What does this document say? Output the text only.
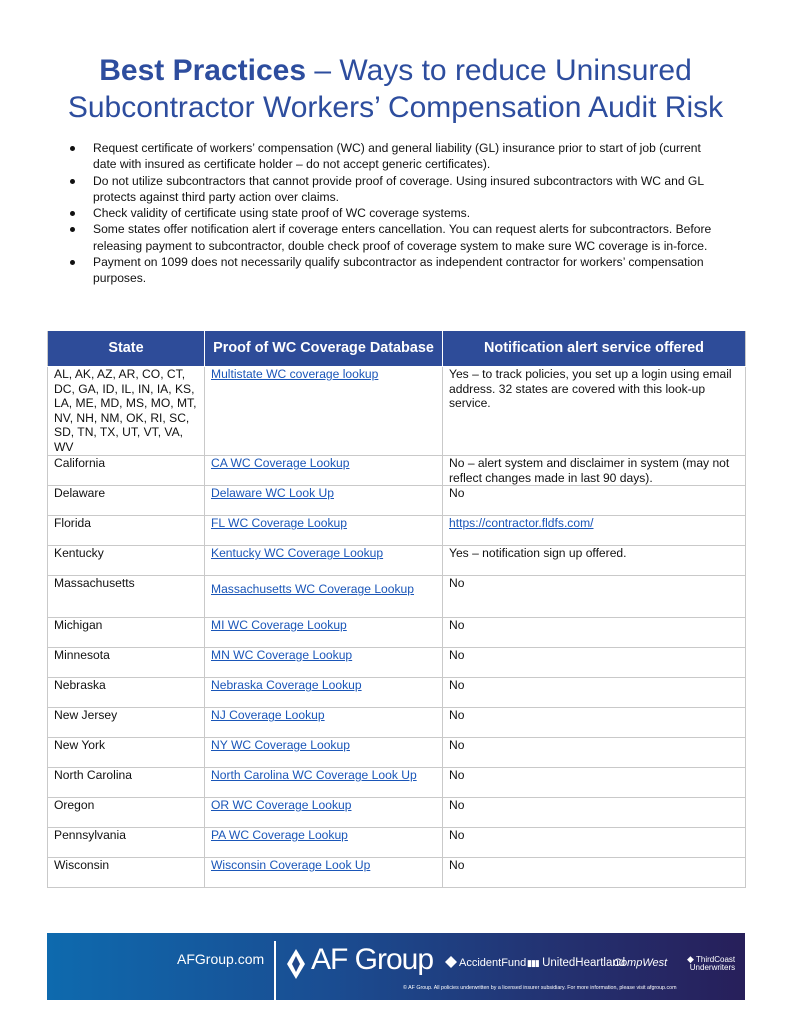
Best Practices – Ways to reduce Uninsured
Subcontractor Workers’ Compensation Audit Risk
Request certificate of workers’ compensation (WC) and general liability (GL) insurance prior to start of job (current date with insured as certificate holder – do not accept generic certificates).
Do not utilize subcontractors that cannot provide proof of coverage. Using insured subcontractors with WC and GL protects against third party action over claims.
Check validity of certificate using state proof of WC coverage systems.
Some states offer notification alert if coverage enters cancellation. You can request alerts for subcontractors. Before releasing payment to subcontractor, double check proof of coverage system to make sure WC coverage is in-force.
Payment on 1099 does not necessarily qualify subcontractor as independent contractor for workers’ compensation purposes.
State	Proof of WC Coverage Database	Notification alert service offered
AL, AK, AZ, AR, CO, CT, DC, GA, ID, IL, IN, IA, KS, LA, ME, MD, MS, MO, MT, NV, NH, NM, OK, RI, SC, SD, TN, TX, UT, VT, VA, WV	Multistate WC coverage lookup	Yes – to track policies, you set up a login using email address. 32 states are covered with this look-up service.
California	CA WC Coverage Lookup	No – alert system and disclaimer in system (may not reflect changes made in last 90 days).
Delaware	Delaware WC Look Up	No
Florida	FL WC Coverage Lookup	https://contractor.fldfs.com/
Kentucky	Kentucky WC Coverage Lookup	Yes – notification sign up offered.
Massachusetts	Massachusetts WC Coverage Lookup	No
Michigan	MI WC Coverage Lookup	No
Minnesota	MN WC Coverage Lookup	No
Nebraska	Nebraska Coverage Lookup	No
New Jersey	NJ Coverage Lookup	No
New York	NY WC Coverage Lookup	No
North Carolina	North Carolina WC Coverage Look Up	No
Oregon	OR WC Coverage Lookup	No
Pennsylvania	PA WC Coverage Lookup	No
Wisconsin	Wisconsin Coverage Look Up	No
AFGroup.com AF Group AccidentFund ▮▮▮ UnitedHeartland
CompWest ◆ ThirdCoast
Underwriters
© AF Group. All policies underwritten by a licensed insurer subsidiary. For more information, please visit afgroup.com
